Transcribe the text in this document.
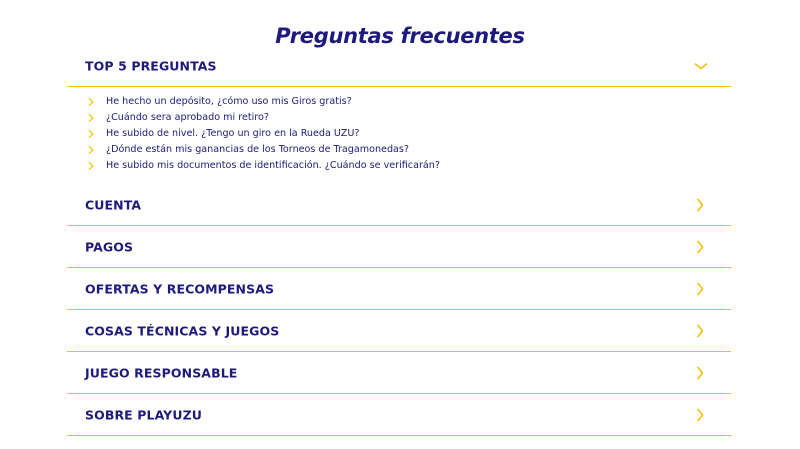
Preguntas frecuentes
TOP 5 PREGUNTAS
He hecho un depósito, ¿cómo uso mis Giros gratis?
¿Cuándo sera aprobado mi retiro?
He subido de nivel. ¿Tengo un giro en la Rueda UZU?
¿Dónde están mis ganancias de los Torneos de Tragamonedas?
He subido mis documentos de identificación. ¿Cuándo se verificarán?
CUENTA
PAGOS
OFERTAS Y RECOMPENSAS
COSAS TÉCNICAS Y JUEGOS
JUEGO RESPONSABLE
SOBRE PLAYUZU
